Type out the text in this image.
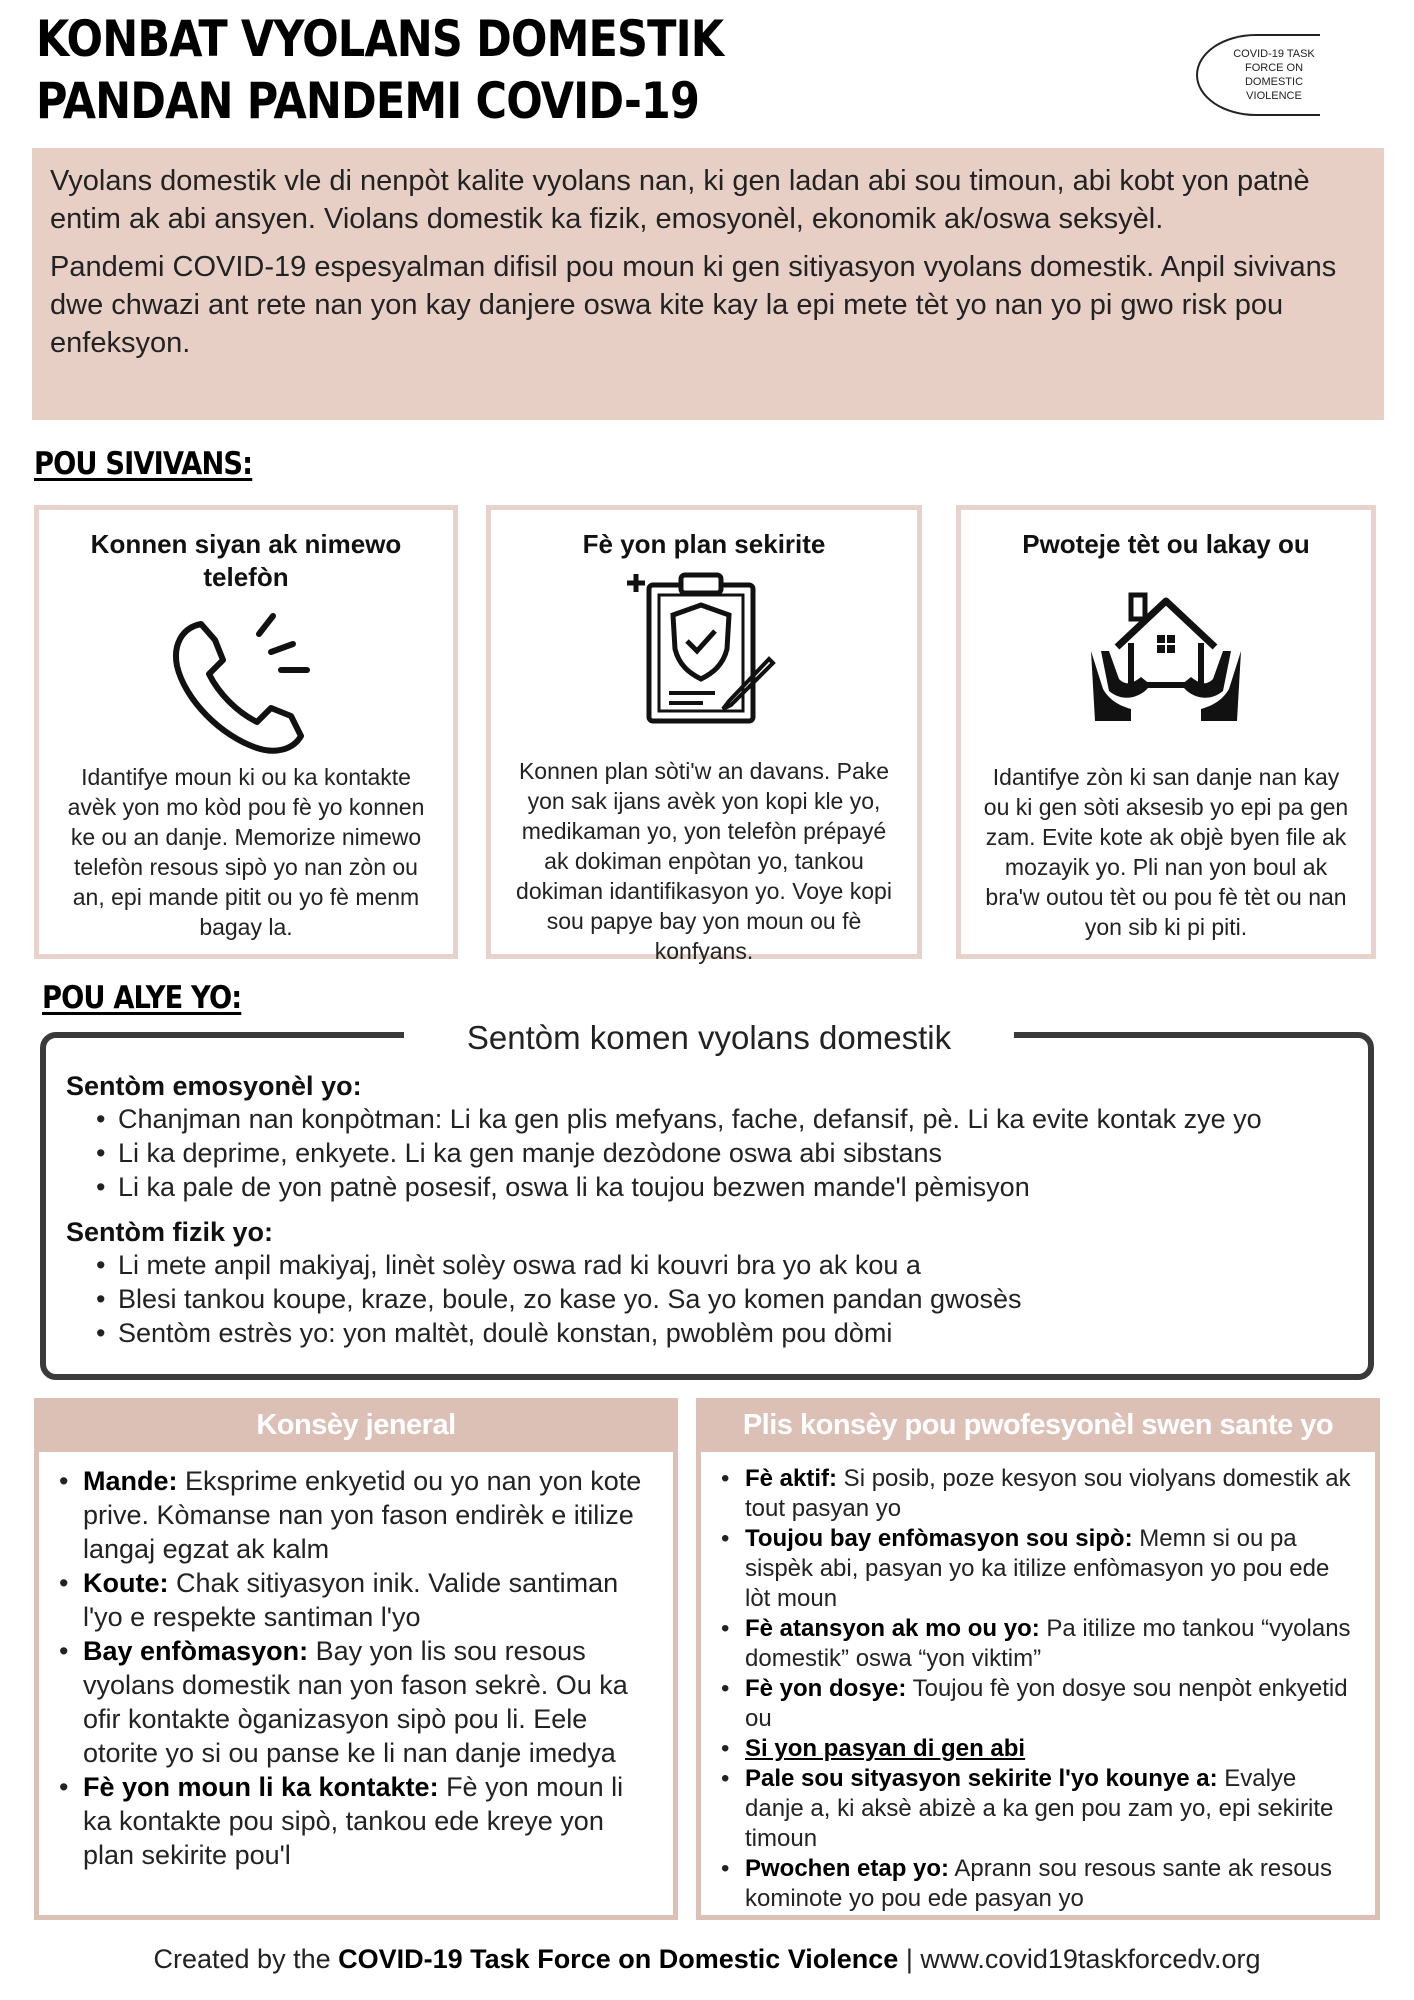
KONBAT VYOLANS DOMESTIK
PANDAN PANDEMI COVID-19
COVID-19 TASK FORCE ON DOMESTIC VIOLENCE

Vyolans domestik vle di nenpòt kalite vyolans nan, ki gen ladan abi sou timoun, abi kobt yon patnè entim ak abi ansyen. Violans domestik ka fizik, emosyonèl, ekonomik ak/oswa seksyèl.

Pandemi COVID-19 espesyalman difisil pou moun ki gen sitiyasyon vyolans domestik. Anpil sivivans dwe chwazi ant rete nan yon kay danjere oswa kite kay la epi mete tèt yo nan yo pi gwo risk pou enfeksyon.

POU SIVIVANS:
Konnen siyan ak nimewo telefòn

Idantifye moun ki ou ka kontakte avèk yon mo kòd pou fè yo konnen ke ou an danje. Memorize nimewo telefòn resous sipò yo nan zòn ou an, epi mande pitit ou yo fè menm bagay la.

Fè yon plan sekirite

Konnen plan sòti'w an davans. Pake yon sak ijans avèk yon kopi kle yo, medikaman yo, yon telefòn prépayé ak dokiman enpòtan yo, tankou dokiman idantifikasyon yo. Voye kopi sou papye bay yon moun ou fè konfyans.

Pwoteje tèt ou lakay ou

Idantifye zòn ki san danje nan kay ou ki gen sòti aksesib yo epi pa gen zam. Evite kote ak objè byen file ak mozayik yo. Pli nan yon boul ak bra'w outou tèt ou pou fè tèt ou nan yon sib ki pi piti.

POU ALYE YO:
Sentòm emosyonèl yo:
• Chanjman nan konpòtman: Li ka gen plis mefyans, fache, defansif, pè. Li ka evite kontak zye yo
• Li ka deprime, enkyete. Li ka gen manje dezòdone oswa abi sibstans
• Li ka pale de yon patnè posesif, oswa li ka toujou bezwen mande'l pèmisyon
Sentòm fizik yo:
• Li mete anpil makiyaj, linèt solèy oswa rad ki kouvri bra yo ak kou a
• Blesi tankou koupe, kraze, boule, zo kase yo. Sa yo komen pandan gwosès
• Sentòm estrès yo: yon maltèt, doulè konstan, pwoblèm pou dòmi
Sentòm komen vyolans domestik
Konsèy jeneral
• Mande: Eksprime enkyetid ou yo nan yon kote prive. Kòmanse nan yon fason endirèk e itilize langaj egzat ak kalm
• Koute: Chak sitiyasyon inik. Valide santiman l'yo e respekte santiman l'yo
• Bay enfòmasyon: Bay yon lis sou resous vyolans domestik nan yon fason sekrè. Ou ka ofir kontakte òganizasyon sipò pou li. Eele otorite yo si ou panse ke li nan danje imedya
• Fè yon moun li ka kontakte: Fè yon moun li ka kontakte pou sipò, tankou ede kreye yon plan sekirite pou'l
Plis konsèy pou pwofesyonèl swen sante yo
• Fè aktif: Si posib, poze kesyon sou violyans domestik ak tout pasyan yo
• Toujou bay enfòmasyon sou sipò: Memn si ou pa sispèk abi, pasyan yo ka itilize enfòmasyon yo pou ede lòt moun
• Fè atansyon ak mo ou yo: Pa itilize mo tankou “vyolans domestik” oswa “yon viktim”
• Fè yon dosye: Toujou fè yon dosye sou nenpòt enkyetid ou
• Si yon pasyan di gen abi
• Pale sou sityasyon sekirite l'yo kounye a: Evalye danje a, ki aksè abizè a ka gen pou zam yo, epi sekirite timoun
• Pwochen etap yo: Aprann sou resous sante ak resous kominote yo pou ede pasyan yo
Created by the COVID-19 Task Force on Domestic Violence | www.covid19taskforcedv.org
